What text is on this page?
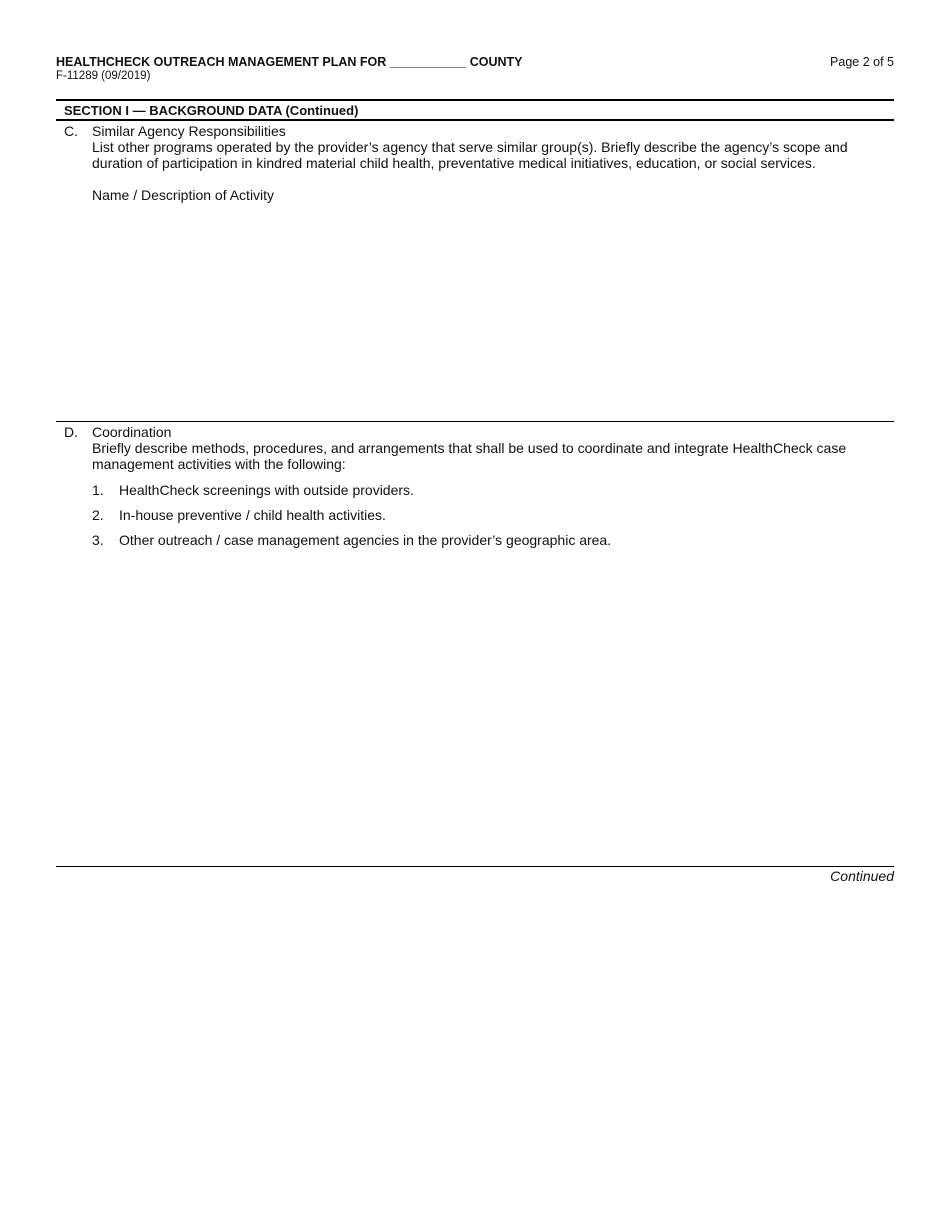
HEALTHCHECK OUTREACH MANAGEMENT PLAN FOR ___________ COUNTY
F-11289 (09/2019)
Page 2 of 5
SECTION I — BACKGROUND DATA (Continued)
C. Similar Agency Responsibilities
List other programs operated by the provider’s agency that serve similar group(s). Briefly describe the agency’s scope and duration of participation in kindred material child health, preventative medical initiatives, education, or social services.
Name / Description of Activity
D. Coordination
Briefly describe methods, procedures, and arrangements that shall be used to coordinate and integrate HealthCheck case management activities with the following:
1. HealthCheck screenings with outside providers.
2. In-house preventive / child health activities.
3. Other outreach / case management agencies in the provider’s geographic area.
Continued
